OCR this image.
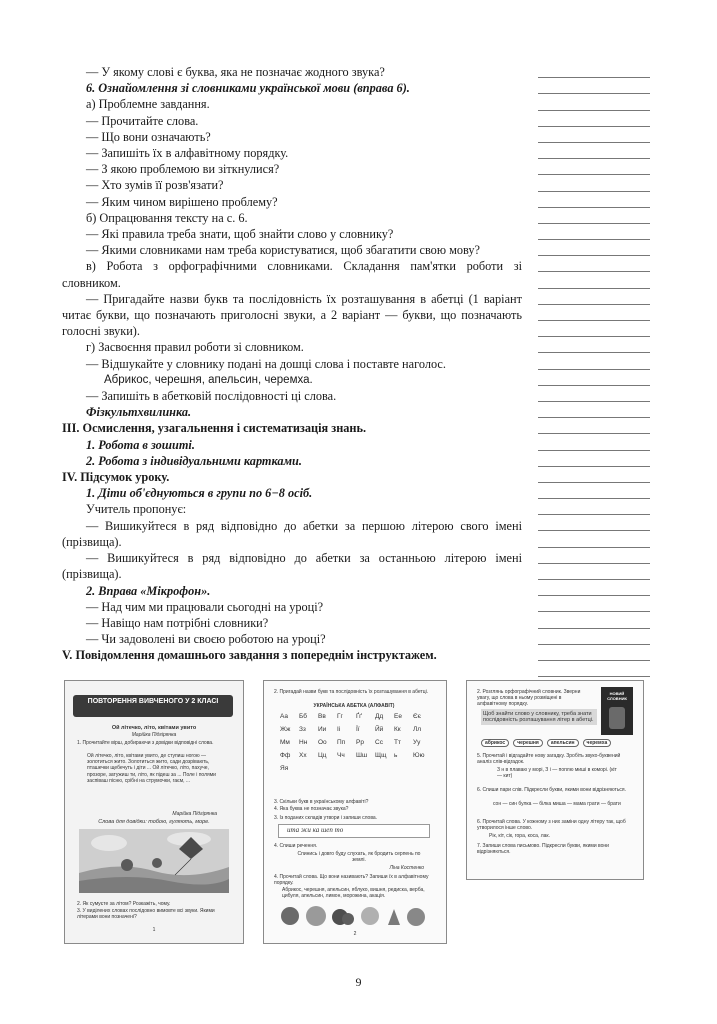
— У якому слові є буква, яка не позначає жодного звука?
6. Ознайомлення зі словниками української мови (вправа 6).
а) Проблемне завдання.
— Прочитайте слова.
— Що вони означають?
— Запишіть їх в алфавітному порядку.
— З якою проблемою ви зіткнулися?
— Хто зумів її розв'язати?
— Яким чином вирішено проблему?
б) Опрацювання тексту на с. 6.
— Які правила треба знати, щоб знайти слово у словнику?
— Якими словниками нам треба користуватися, щоб збагатити свою мову?
в) Робота з орфографічними словниками. Складання пам'ятки роботи зі словником.
— Пригадайте назви букв та послідовність їх розташування в абетці (1 варіант читає букви, що позначають приголосні звуки, а 2 варіант — букви, що позначають голосні звуки).
г) Засвоєння правил роботи зі словником.
— Відшукайте у словнику подані на дошці слова і поставте наголос.
Абрикос, черешня, апельсин, черемха.
— Запишіть в абетковій послідовності ці слова.
Фізкультхвилинка.
ІІІ. Осмислення, узагальнення і систематизація знань.
1. Робота в зошиті.
2. Робота з індивідуальними картками.
IV. Підсумок уроку.
1. Діти об'єднуються в групи по 6−8 осіб.
Учитель пропонує:
— Вишикуйтеся в ряд відповідно до абетки за першою літерою свого імені (прізвища).
— Вишикуйтеся в ряд відповідно до абетки за останньою літерою імені (прізвища).
2. Вправа «Мікрофон».
— Над чим ми працювали сьогодні на уроці?
— Навіщо нам потрібні словники?
— Чи задоволені ви своєю роботою на уроці?
V. Повідомлення домашнього завдання з попереднім інструктажем.
ПОВТОРЕННЯ ВИВЧЕНОГО У 2 КЛАСІ
Ой літечко, літо, квітами увито
Марійка Підгірянка
1. Прочитайте вірш, добираючи з довідки відповідні слова.
Ой літечко, літо, квітами увито, де ступиш ногою — золотиться жито. Золотиться жито, сади дозрівають, пташечки щебечуть і діти ... Ой літечко, літо, пахуче, прозоре, затужиш ти, літо, як підеш за ... Поле і полями заспіваш пісню, срібні на струмочки, гаєм, ...
Марійка Підгірянка
Слова для довідки: тобою, гуляють, море.
2. Як сумуєте за літом? Розкажіть, чому.
3. У виділених словах послідовно вимовте всі звуки. Якими літерами вони позначені?
1
2. Пригадай назви букв та послідовність їх розташування в абетці.
УКРАЇНСЬКА АБЕТКА (АЛФАВІТ)
Аа	Бб	Вв	Гг	Ґґ	Дд	Ее	Єє
Жж	Зз	Ии	Іі	Її	Йй	Кк	Лл
Мм	Нн	Оо	Пп	Рр	Сс	Тт	Уу
Фф	Хх	Цц	Чч	Шш	Щщ	ь	Юю
Яя
3. Скільки букв в українському алфавіті?
4. Яка буква не позначає звука?
3. Із поданих складів утвори і запиши слова.
ита жи ка шеп то
4. Спиши речення.
Спинись і довго буду слухать, як бродить серпень по землі.
Ліна Костенко
4. Прочитай слова. Що вони називають? Запиши їх в алфавітному порядку.
Абрикос, черешня, апельсин, яблуко, вишня, редиска, верба, цибуля, апельсин, лимон, морожина, акація.
2
2. Розглянь орфографічний словник. Зверни увагу, що слова в ньому розміщені в алфавітному порядку.
НОВИЙ СЛОВНИК
Щоб знайти слово у словнику, треба знати послідовність розташування літер в абетці.
абрикос	черешня	апельсин	черемха
5. Прочитай і відгадайте нову загадку. Зробіть звуко-буквений аналіз слів-відгадок.
З н в плаваю у морі, З і — поплю миші в коморі. (кіт — кит)
6. Спиши пари слів. Підкресли букви, якими вони відрізняються.
сон — син булка — білка миша — мама грати — брати
6. Прочитай слова. У кожному з них заміни одну літеру так, щоб утворилося інше слово.
Рік, кіт, сік, гора, коса, лак.
7. Запиши слова письмово. Підкресли букви, якими вони відрізняються.
9
